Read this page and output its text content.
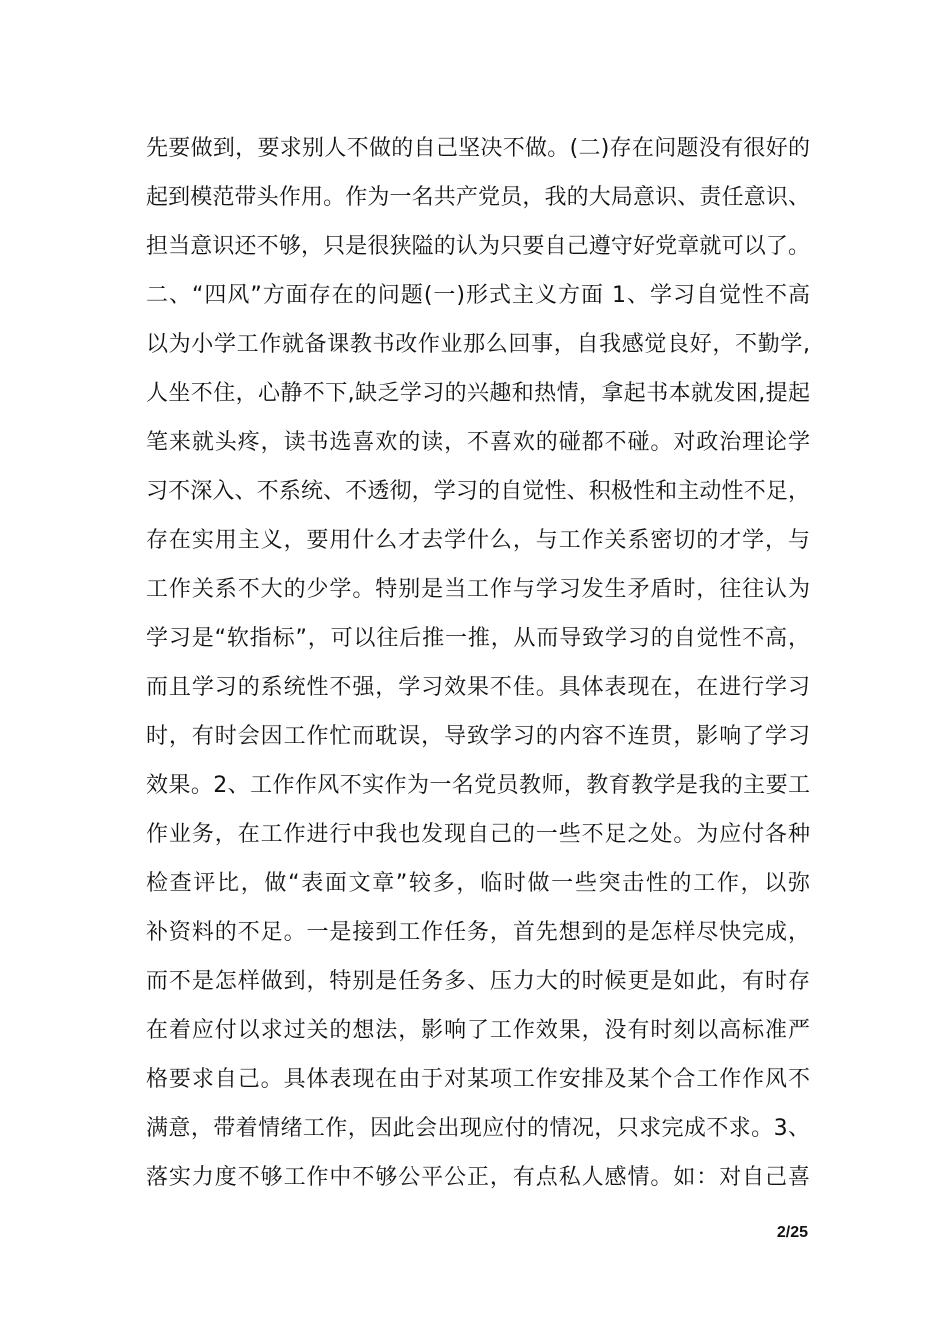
先要做到，要求别人不做的自己坚决不做。(二)存在问题没有很好的
起到模范带头作用。作为一名共产党员，我的大局意识、责任意识、
担当意识还不够，只是很狭隘的认为只要自己遵守好党章就可以了。
二、“四风”方面存在的问题(一)形式主义方面 1、学习自觉性不高
以为小学工作就备课教书改作业那么回事，自我感觉良好，不勤学,
人坐不住，心静不下,缺乏学习的兴趣和热情，拿起书本就发困,提起
笔来就头疼，读书选喜欢的读，不喜欢的碰都不碰。对政治理论学
习不深入、不系统、不透彻，学习的自觉性、积极性和主动性不足，
存在实用主义，要用什么才去学什么，与工作关系密切的才学，与
工作关系不大的少学。特别是当工作与学习发生矛盾时，往往认为
学习是“软指标”，可以往后推一推，从而导致学习的自觉性不高，
而且学习的系统性不强，学习效果不佳。具体表现在，在进行学习
时，有时会因工作忙而耽误，导致学习的内容不连贯，影响了学习
效果。2、工作作风不实作为一名党员教师，教育教学是我的主要工
作业务，在工作进行中我也发现自己的一些不足之处。为应付各种
检查评比，做“表面文章”较多，临时做一些突击性的工作，以弥
补资料的不足。一是接到工作任务，首先想到的是怎样尽快完成，
而不是怎样做到，特别是任务多、压力大的时候更是如此，有时存
在着应付以求过关的想法，影响了工作效果，没有时刻以高标准严
格要求自己。具体表现在由于对某项工作安排及某个合工作作风不
满意，带着情绪工作，因此会出现应付的情况，只求完成不求。3、
落实力度不够工作中不够公平公正，有点私人感情。如：对自己喜
2/25
